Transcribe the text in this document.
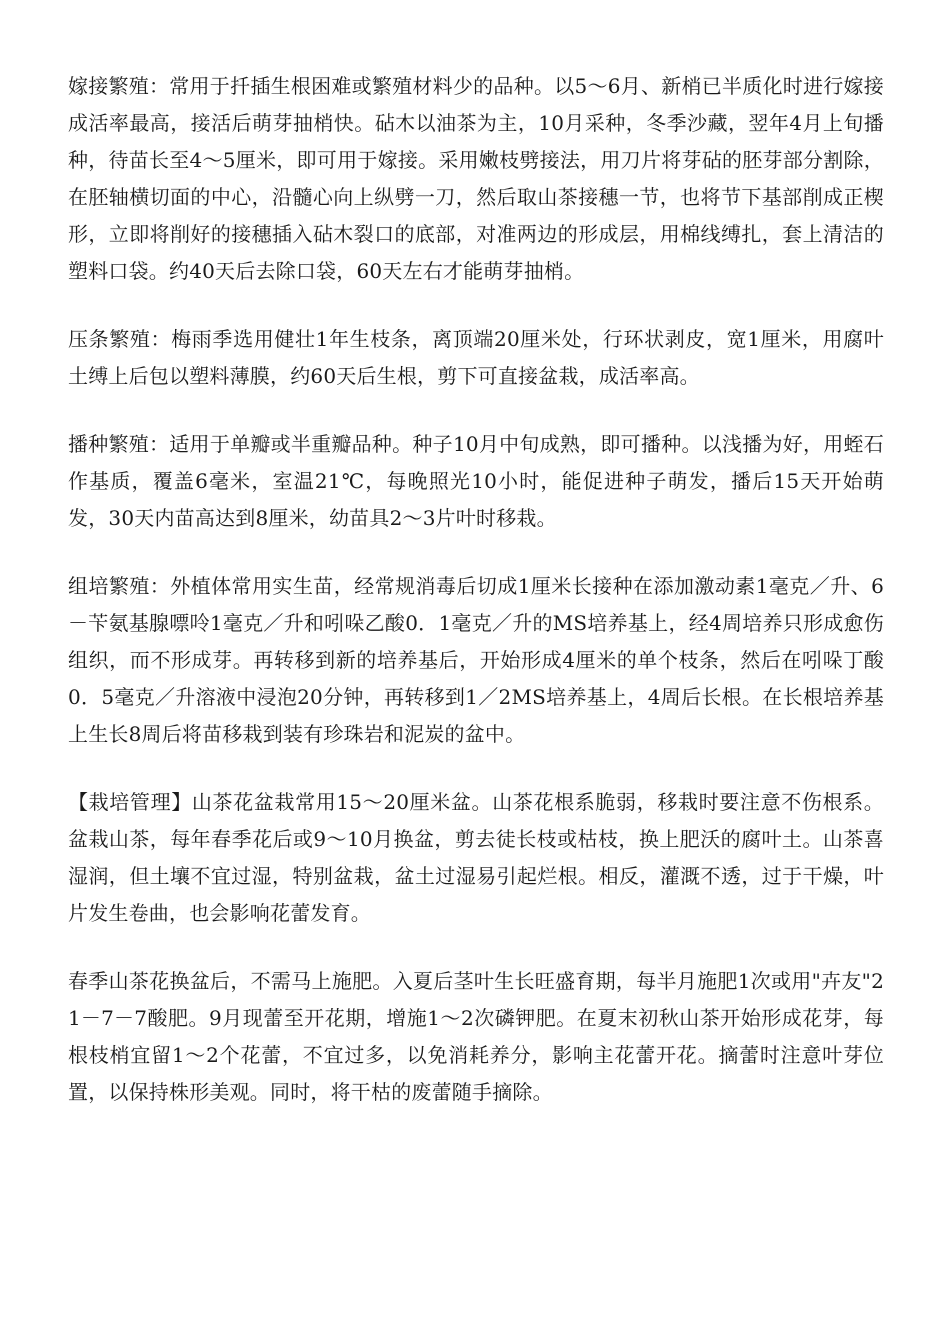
嫁接繁殖：常用于扦插生根困难或繁殖材料少的品种。以5～6月、新梢已半质化时进行嫁接成活率最高，接活后萌芽抽梢快。砧木以油茶为主，10月采种，冬季沙藏，翌年4月上旬播种，待苗长至4～5厘米，即可用于嫁接。采用嫩枝劈接法，用刀片将芽砧的胚芽部分割除，在胚轴横切面的中心，沿髓心向上纵劈一刀，然后取山茶接穗一节，也将节下基部削成正楔形，立即将削好的接穗插入砧木裂口的底部，对准两边的形成层，用棉线缚扎，套上清洁的塑料口袋。约40天后去除口袋，60天左右才能萌芽抽梢。

压条繁殖：梅雨季选用健壮1年生枝条，离顶端20厘米处，行环状剥皮，宽1厘米，用腐叶土缚上后包以塑料薄膜，约60天后生根，剪下可直接盆栽，成活率高。

播种繁殖：适用于单瓣或半重瓣品种。种子10月中旬成熟，即可播种。以浅播为好，用蛭石作基质，覆盖6毫米，室温21℃，每晚照光10小时，能促进种子萌发，播后15天开始萌发，30天内苗高达到8厘米，幼苗具2～3片叶时移栽。

组培繁殖：外植体常用实生苗，经常规消毒后切成1厘米长接种在添加激动素1毫克／升、6－苄氨基腺嘌呤1毫克／升和吲哚乙酸0．1毫克／升的MS培养基上，经4周培养只形成愈伤组织，而不形成芽。再转移到新的培养基后，开始形成4厘米的单个枝条，然后在吲哚丁酸0．5毫克／升溶液中浸泡20分钟，再转移到1／2MS培养基上，4周后长根。在长根培养基上生长8周后将苗移栽到装有珍珠岩和泥炭的盆中。

【栽培管理】山茶花盆栽常用15～20厘米盆。山茶花根系脆弱，移栽时要注意不伤根系。盆栽山茶，每年春季花后或9～10月换盆，剪去徒长枝或枯枝，换上肥沃的腐叶土。山茶喜湿润，但土壤不宜过湿，特别盆栽，盆土过湿易引起烂根。相反，灌溉不透，过于干燥，叶片发生卷曲，也会影响花蕾发育。

春季山茶花换盆后，不需马上施肥。入夏后茎叶生长旺盛育期，每半月施肥1次或用"卉友"21－7－7酸肥。9月现蕾至开花期，增施1～2次磷钾肥。在夏末初秋山茶开始形成花芽，每根枝梢宜留1～2个花蕾，不宜过多，以免消耗养分，影响主花蕾开花。摘蕾时注意叶芽位置，以保持株形美观。同时，将干枯的废蕾随手摘除。
